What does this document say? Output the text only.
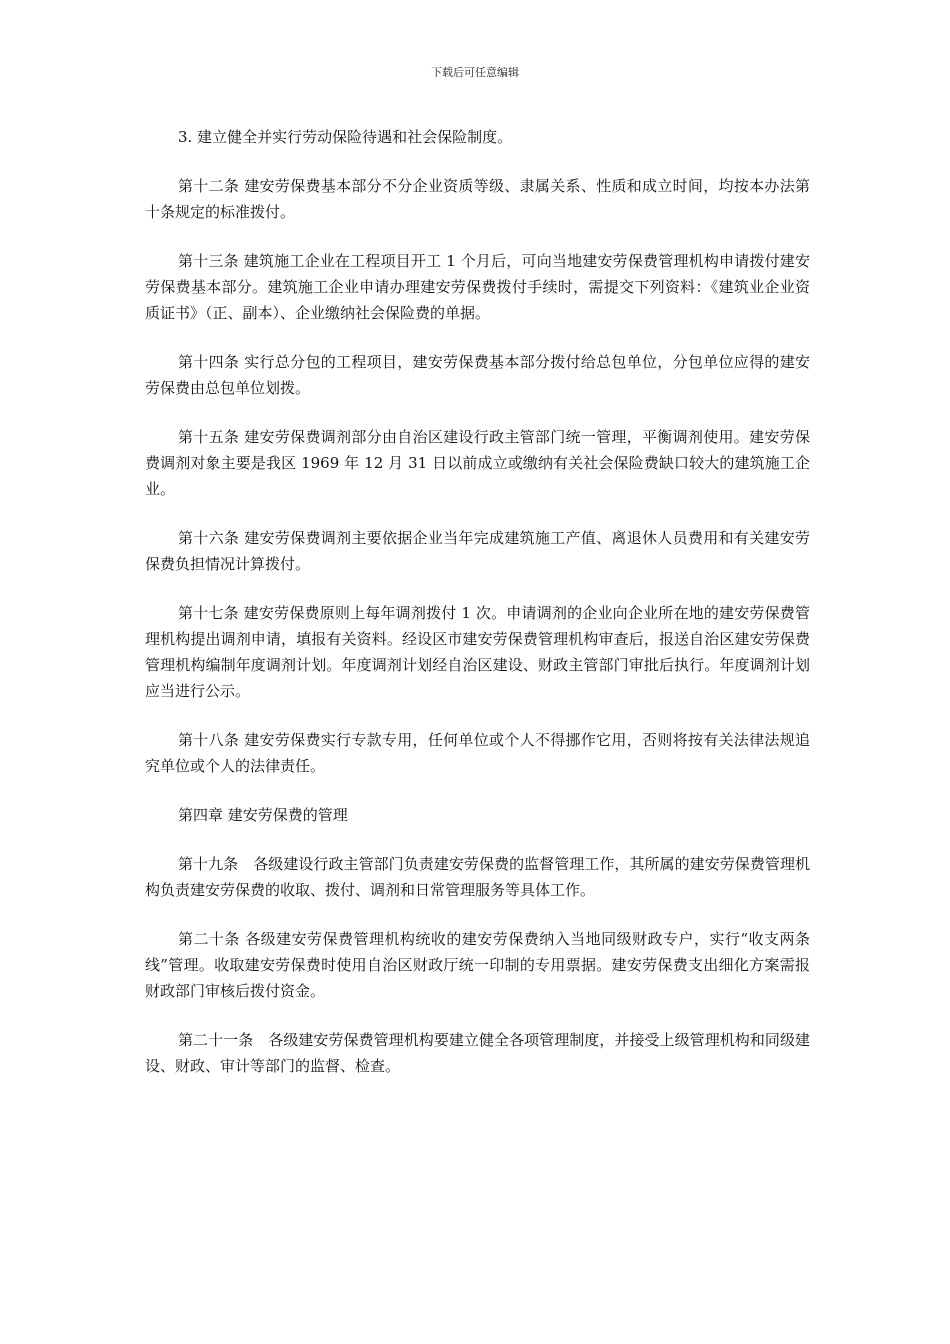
下载后可任意编辑

3. 建立健全并实行劳动保险待遇和社会保险制度。

第十二条 建安劳保费基本部分不分企业资质等级、隶属关系、性质和成立时间，均按本办法第十条规定的标准拨付。

第十三条 建筑施工企业在工程项目开工 1 个月后，可向当地建安劳保费管理机构申请拨付建安劳保费基本部分。建筑施工企业申请办理建安劳保费拨付手续时，需提交下列资料：《建筑业企业资质证书》（正、副本）、企业缴纳社会保险费的单据。

第十四条 实行总分包的工程项目，建安劳保费基本部分拨付给总包单位，分包单位应得的建安劳保费由总包单位划拨。

第十五条 建安劳保费调剂部分由自治区建设行政主管部门统一管理，平衡调剂使用。建安劳保费调剂对象主要是我区 1969 年 12 月 31 日以前成立或缴纳有关社会保险费缺口较大的建筑施工企业。

第十六条 建安劳保费调剂主要依据企业当年完成建筑施工产值、离退休人员费用和有关建安劳保费负担情况计算拨付。

第十七条 建安劳保费原则上每年调剂拨付 1 次。申请调剂的企业向企业所在地的建安劳保费管理机构提出调剂申请，填报有关资料。经设区市建安劳保费管理机构审查后，报送自治区建安劳保费管理机构编制年度调剂计划。年度调剂计划经自治区建设、财政主管部门审批后执行。年度调剂计划应当进行公示。

第十八条 建安劳保费实行专款专用，任何单位或个人不得挪作它用，否则将按有关法律法规追究单位或个人的法律责任。

第四章 建安劳保费的管理

第十九条　各级建设行政主管部门负责建安劳保费的监督管理工作，其所属的建安劳保费管理机构负责建安劳保费的收取、拨付、调剂和日常管理服务等具体工作。

第二十条 各级建安劳保费管理机构统收的建安劳保费纳入当地同级财政专户，实行“收支两条线”管理。收取建安劳保费时使用自治区财政厅统一印制的专用票据。建安劳保费支出细化方案需报财政部门审核后拨付资金。

第二十一条　各级建安劳保费管理机构要建立健全各项管理制度，并接受上级管理机构和同级建设、财政、审计等部门的监督、检查。
